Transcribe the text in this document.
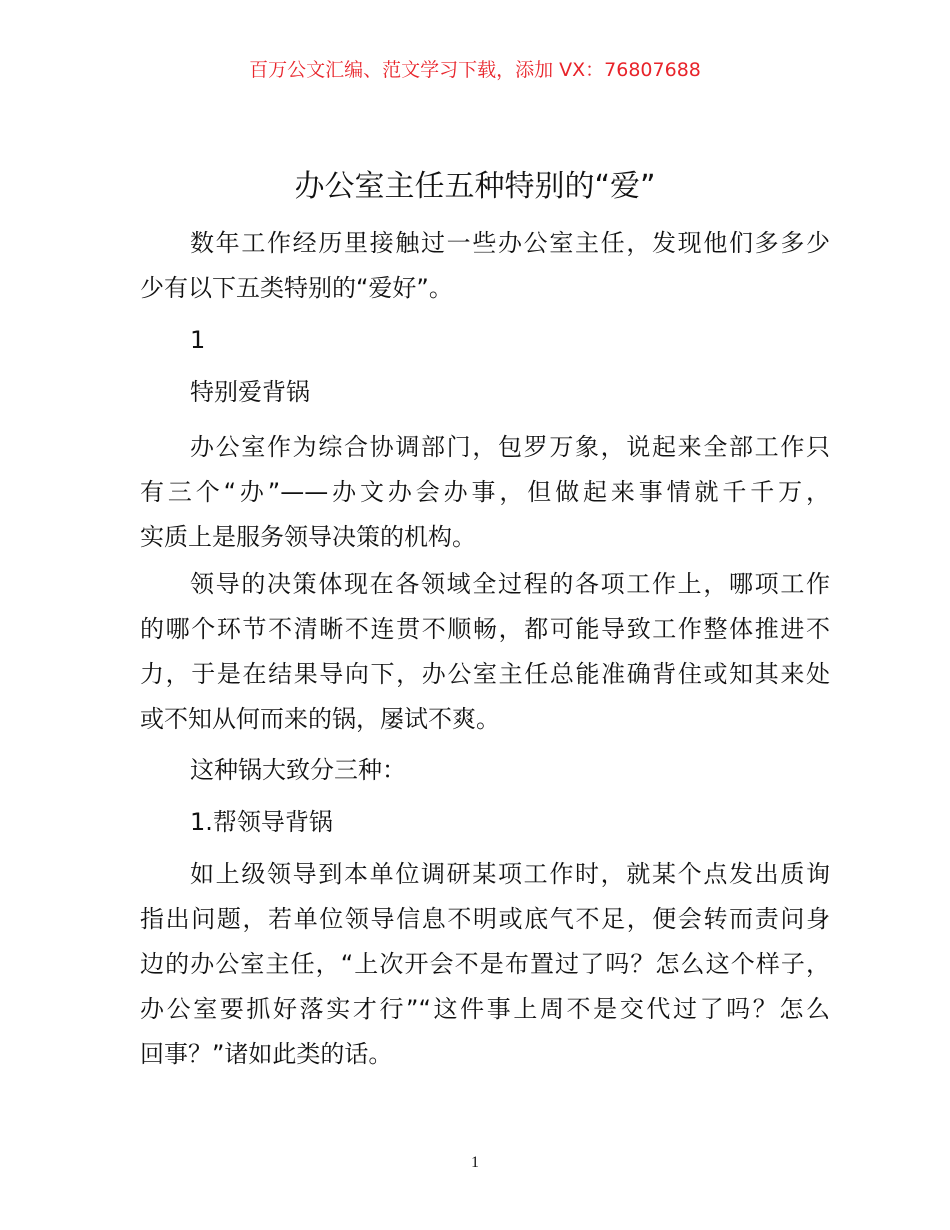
百万公文汇编、范文学习下载，添加 VX：76807688
办公室主任五种特别的“爱”
数年工作经历里接触过一些办公室主任，发现他们多多少
少有以下五类特别的“爱好”。
1
特别爱背锅
办公室作为综合协调部门，包罗万象，说起来全部工作只
有三个“办”——办文办会办事，但做起来事情就千千万，
实质上是服务领导决策的机构。
领导的决策体现在各领域全过程的各项工作上，哪项工作
的哪个环节不清晰不连贯不顺畅，都可能导致工作整体推进不
力，于是在结果导向下，办公室主任总能准确背住或知其来处
或不知从何而来的锅，屡试不爽。
这种锅大致分三种：
1.帮领导背锅
如上级领导到本单位调研某项工作时，就某个点发出质询
指出问题，若单位领导信息不明或底气不足，便会转而责问身
边的办公室主任，“上次开会不是布置过了吗？怎么这个样子，
办公室要抓好落实才行”“这件事上周不是交代过了吗？怎么
回事？”诸如此类的话。
1
